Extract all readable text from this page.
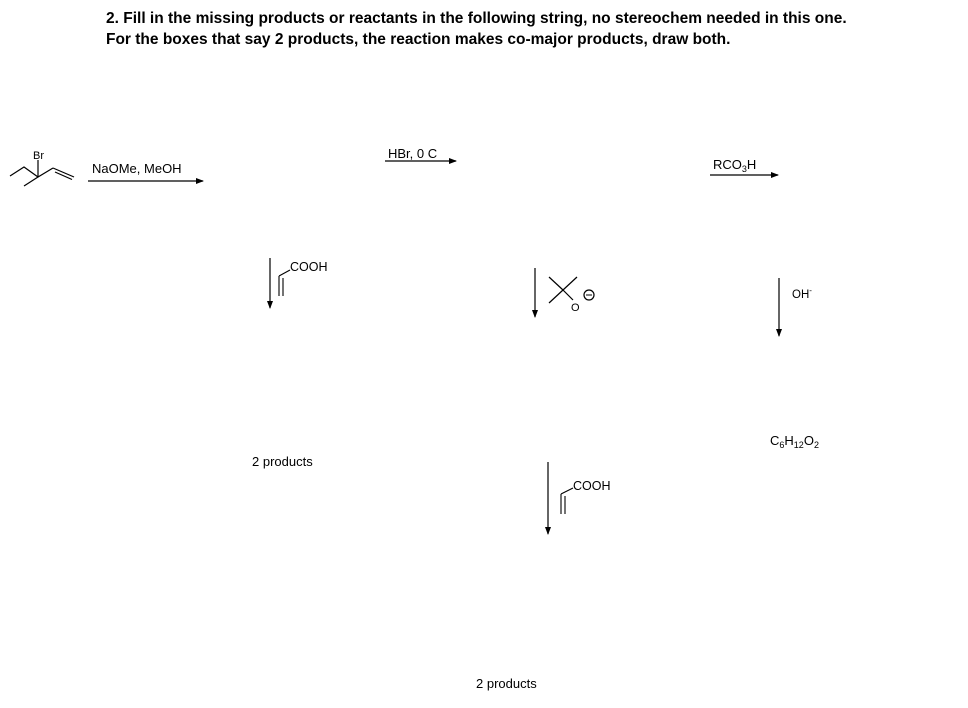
2. Fill in the missing products or reactants in the following string, no stereochem needed in this one.
For the boxes that say 2 products, the reaction makes co-major products, draw both.
Br
COOH
COOH
O
NaOMe, MeOH
HBr, 0 C
$RCO_3H$
OH-
$C_6H_{12}O_2$
2 products
2 products
